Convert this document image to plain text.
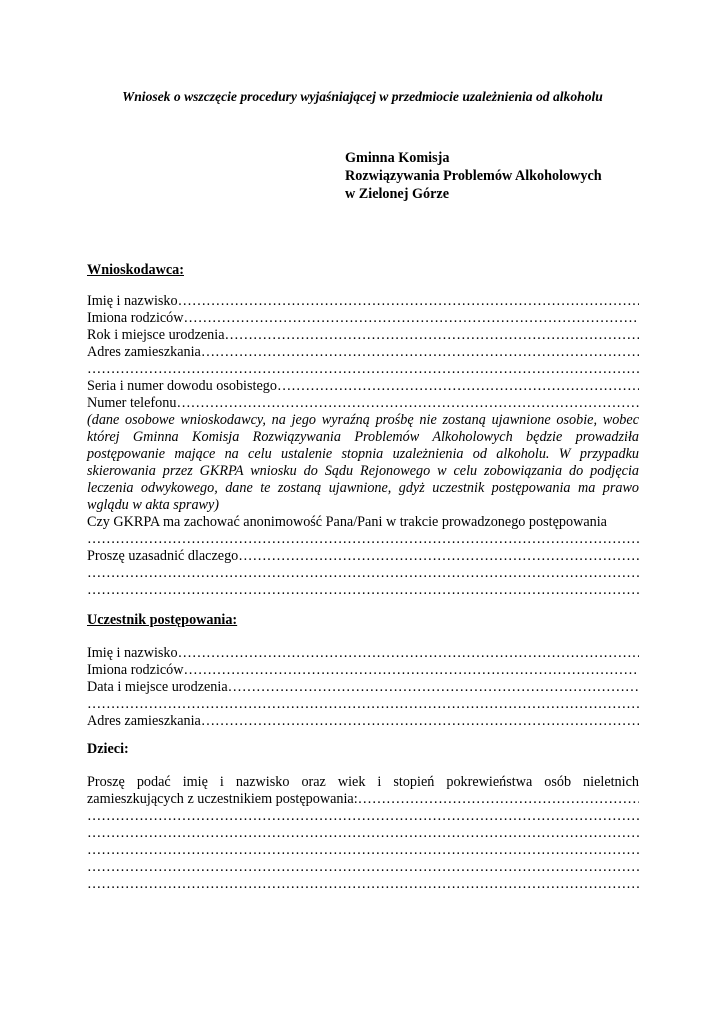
Wniosek o wszczęcie procedury wyjaśniającej w przedmiocie uzależnienia od alkoholu
Gminna Komisja
Rozwiązywania Problemów Alkoholowych
w Zielonej Górze
Wnioskodawca:
Imię i nazwisko
……………………………………………………………………………………………………………………………………………………………………………………………………………………
Imiona rodziców
……………………………………………………………………………………………………………………………………………………………………………………………………………………
Rok i miejsce urodzenia
……………………………………………………………………………………………………………………………………………………………………………………………………………………
Adres zamieszkania
……………………………………………………………………………………………………………………………………………………………………………………………………………………
……………………………………………………………………………………………………………………………………………………………………………………………………………………
Seria i numer dowodu osobistego
……………………………………………………………………………………………………………………………………………………………………………………………………………………
Numer telefonu
……………………………………………………………………………………………………………………………………………………………………………………………………………………
(dane osobowe wnioskodawcy, na jego wyraźną prośbę nie zostaną ujawnione osobie, wobec której Gminna Komisja Rozwiązywania Problemów Alkoholowych będzie prowadziła postępowanie mające na celu ustalenie stopnia uzależnienia od alkoholu. W przypadku skierowania przez GKRPA wniosku do Sądu Rejonowego w celu zobowiązania do podjęcia leczenia odwykowego, dane te zostaną ujawnione, gdyż uczestnik postępowania ma prawo wglądu w akta sprawy)
Czy GKRPA ma zachować anonimowość Pana/Pani w trakcie prowadzonego postępowania
……………………………………………………………………………………………………………………………………………………………………………………………………………………
Proszę uzasadnić dlaczego
……………………………………………………………………………………………………………………………………………………………………………………………………………………
……………………………………………………………………………………………………………………………………………………………………………………………………………………
……………………………………………………………………………………………………………………………………………………………………………………………………………………
Uczestnik postępowania:
Imię i nazwisko
……………………………………………………………………………………………………………………………………………………………………………………………………………………
Imiona rodziców
……………………………………………………………………………………………………………………………………………………………………………………………………………………
Data i miejsce urodzenia
……………………………………………………………………………………………………………………………………………………………………………………………………………………
……………………………………………………………………………………………………………………………………………………………………………………………………………………
Adres zamieszkania
……………………………………………………………………………………………………………………………………………………………………………………………………………………
Dzieci:
Proszę podać imię i nazwisko oraz wiek i stopień pokrewieństwa osób nieletnich
zamieszkujących z uczestnikiem postępowania:
……………………………………………………………………………………………………………………………………………………………………………………………………………………
……………………………………………………………………………………………………………………………………………………………………………………………………………………
……………………………………………………………………………………………………………………………………………………………………………………………………………………
……………………………………………………………………………………………………………………………………………………………………………………………………………………
……………………………………………………………………………………………………………………………………………………………………………………………………………………
……………………………………………………………………………………………………………………………………………………………………………………………………………………
